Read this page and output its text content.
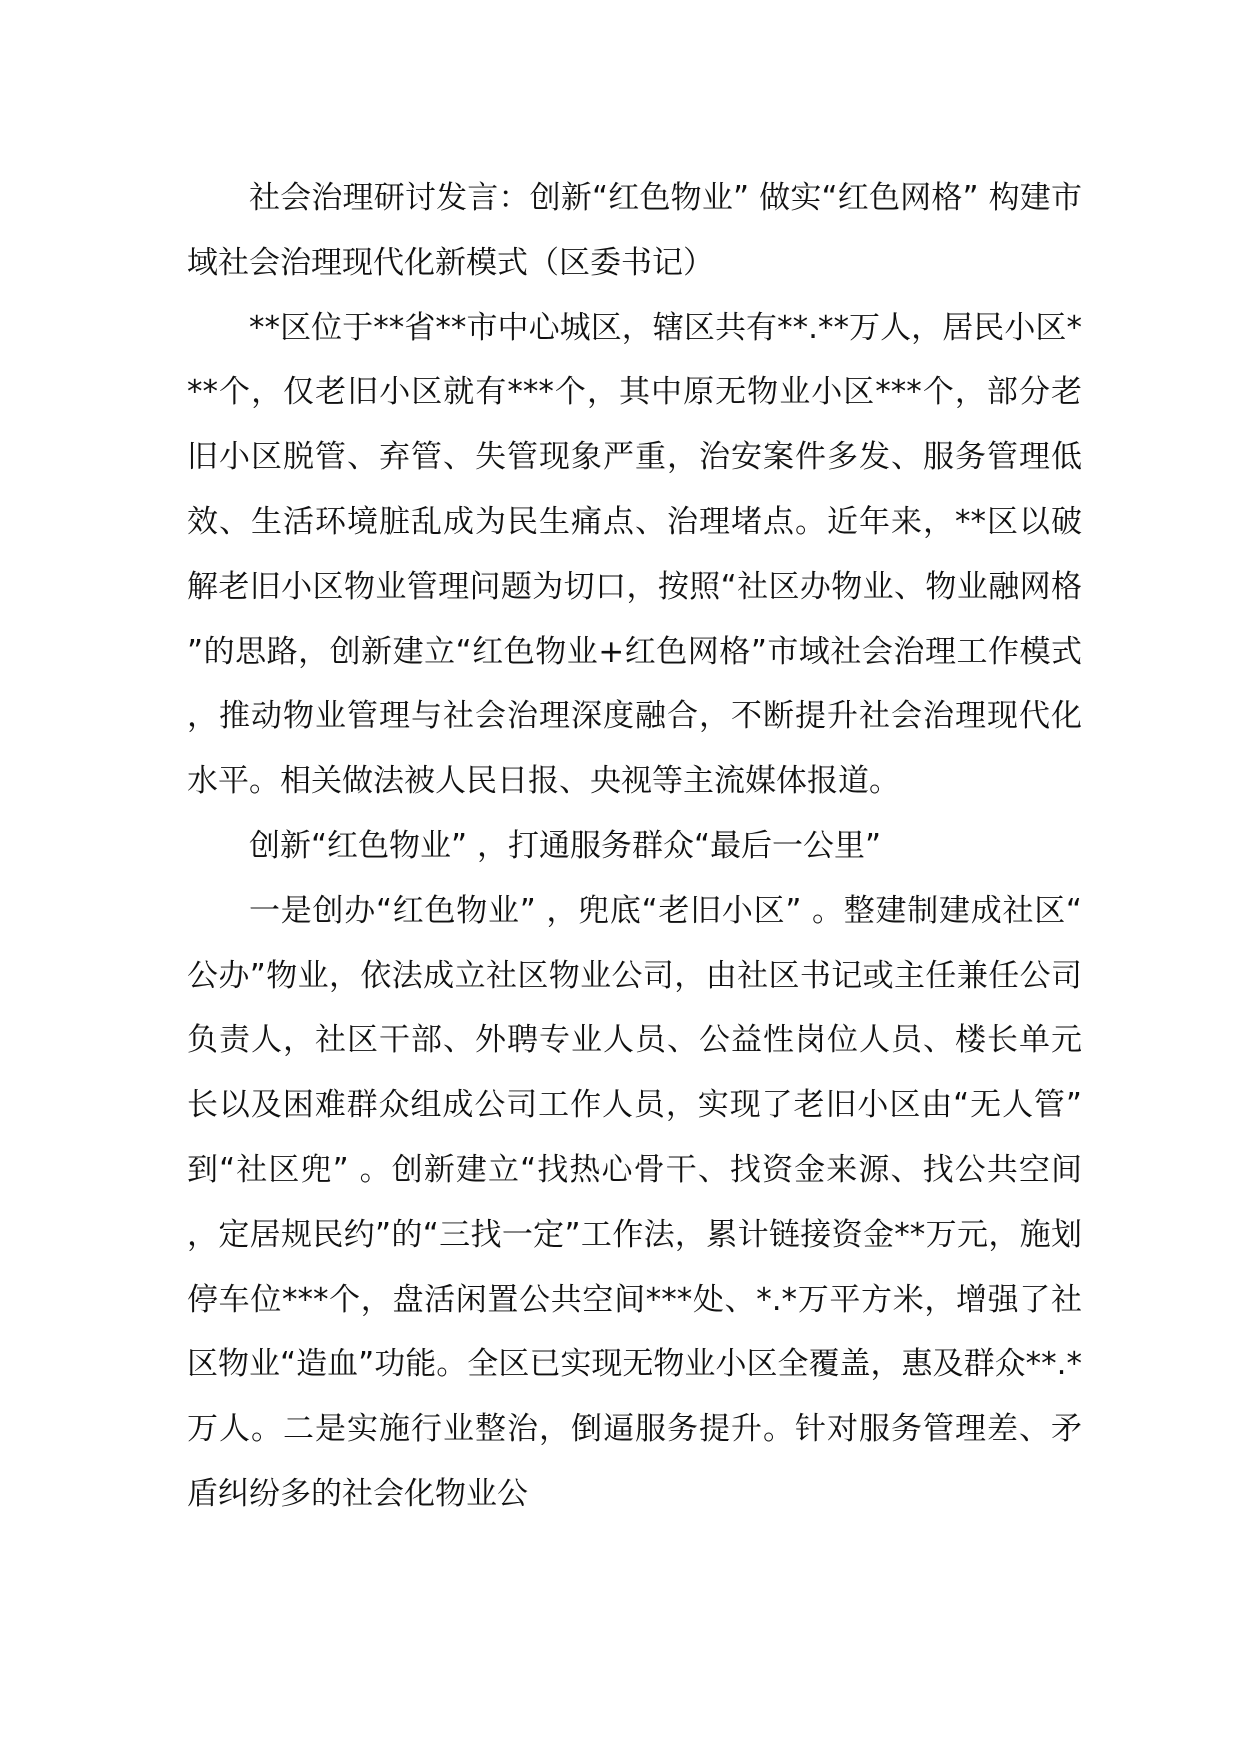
社会治理研讨发言：创新“红色物业” 做实“红色网格” 构建市域社会治理现代化新模式（区委书记）

**区位于**省**市中心城区，辖区共有**.**万人，居民小区***个，仅老旧小区就有***个，其中原无物业小区***个，部分老旧小区脱管、弃管、失管现象严重，治安案件多发、服务管理低效、生活环境脏乱成为民生痛点、治理堵点。近年来，**区以破解老旧小区物业管理问题为切口，按照“社区办物业、物业融网格”的思路，创新建立“红色物业+红色网格”市域社会治理工作模式，推动物业管理与社会治理深度融合，不断提升社会治理现代化水平。相关做法被人民日报、央视等主流媒体报道。

创新“红色物业” ，打通服务群众“最后一公里”

一是创办“红色物业” ，兜底“老旧小区” 。整建制建成社区“公办”物业，依法成立社区物业公司，由社区书记或主任兼任公司负责人，社区干部、外聘专业人员、公益性岗位人员、楼长单元长以及困难群众组成公司工作人员，实现了老旧小区由“无人管”到“社区兜” 。创新建立“找热心骨干、找资金来源、找公共空间，定居规民约”的“三找一定”工作法，累计链接资金**万元，施划停车位***个，盘活闲置公共空间***处、*.*万平方米，增强了社区物业“造血”功能。全区已实现无物业小区全覆盖，惠及群众**.*万人。二是实施行业整治，倒逼服务提升。针对服务管理差、矛盾纠纷多的社会化物业公
